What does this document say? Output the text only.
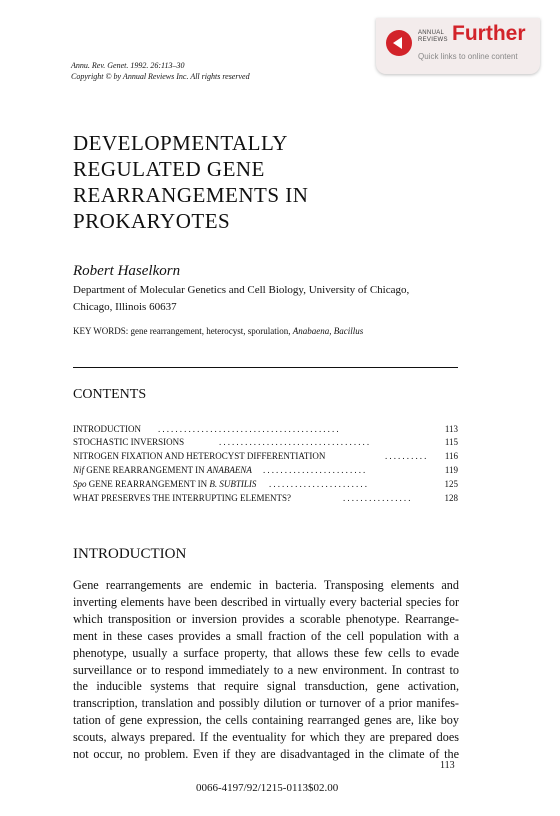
ANNUAL
REVIEWS Further
Quick links to online content
Annu. Rev. Genet. 1992. 26:113–30
Copyright © by Annual Reviews Inc. All rights reserved
DEVELOPMENTALLY
REGULATED GENE
REARRANGEMENTS IN
PROKARYOTES
Robert Haselkorn
Department of Molecular Genetics and Cell Biology, University of Chicago,
Chicago, Illinois 60637
KEY WORDS: gene rearrangement, heterocyst, sporulation, Anabaena, Bacillus
CONTENTS
INTRODUCTION ..........................................	113
STOCHASTIC INVERSIONS	...................................	115
NITROGEN FIXATION AND HETEROCYST DIFFERENTIATION	.......... 116
Nif GENE REARRANGEMENT IN ANABAENA ........................	119
Spo GENE REARRANGEMENT IN B. SUBTILIS .......................	125
WHAT PRESERVES THE INTERRUPTING ELEMENTS?	................	128
INTRODUCTION
Gene rearrangements are endemic in bacteria. Transposing elements and
inverting elements have been described in virtually every bacterial species for
which transposition or inversion provides a scorable phenotype. Rearrange-
ment in these cases provides a small fraction of the cell population with a
phenotype, usually a surface property, that allows these few cells to evade
surveillance or to respond immediately to a new environment. In contrast to
the inducible systems that require signal transduction, gene activation,
transcription, translation and possibly dilution or turnover of a prior manifes-
tation of gene expression, the cells containing rearranged genes are, like boy
scouts, always prepared. If the eventuality for which they are prepared does
not occur, no problem. Even if they are disadvantaged in the climate of the
113
0066-4197/92/1215-0113$02.00
